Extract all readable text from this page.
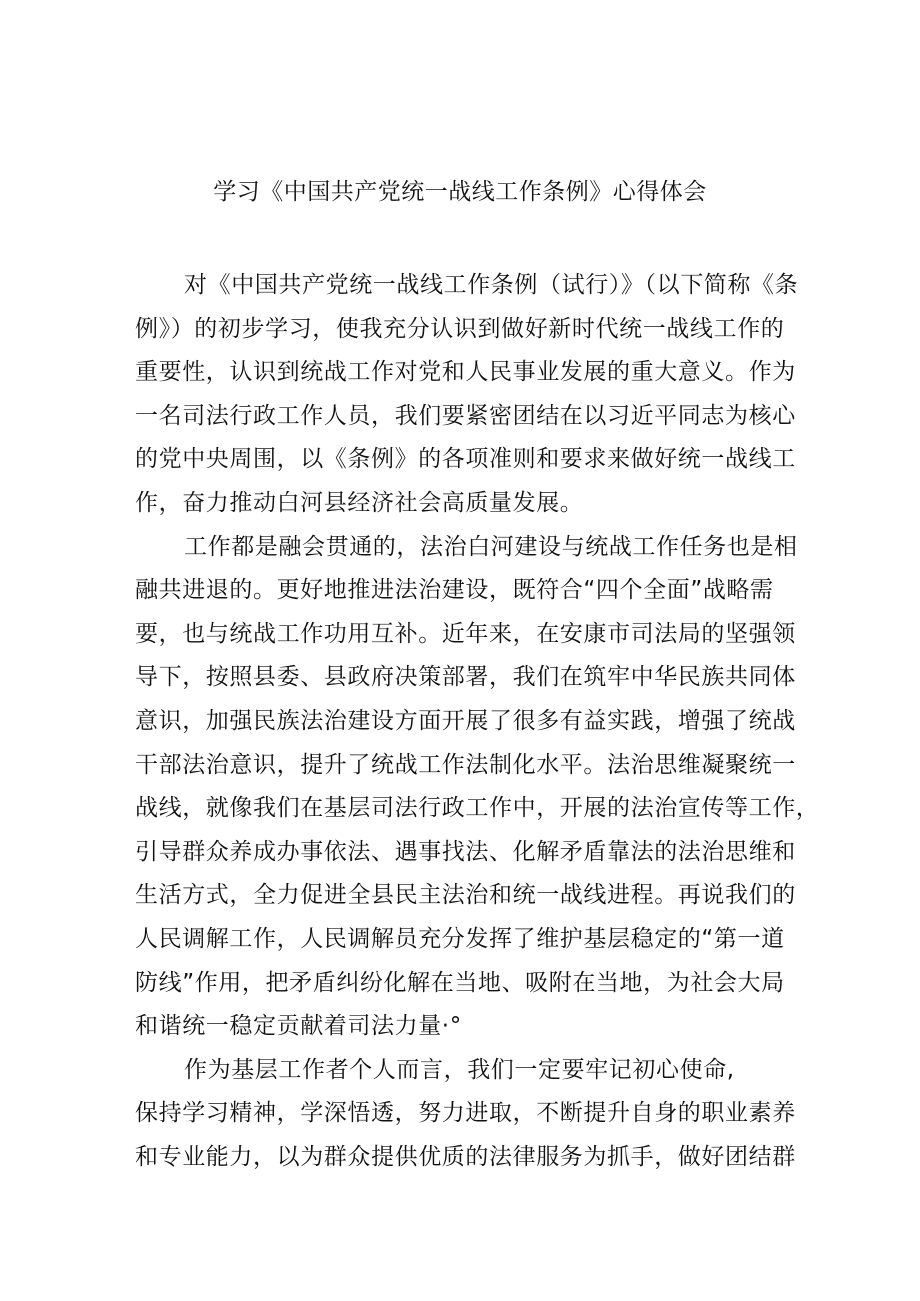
学习《中国共产党统一战线工作条例》心得体会
对《中国共产党统一战线工作条例（试行）》（以下简称《条
例》）的初步学习，使我充分认识到做好新时代统一战线工作的
重要性，认识到统战工作对党和人民事业发展的重大意义。作为
一名司法行政工作人员，我们要紧密团结在以习近平同志为核心
的党中央周围，以《条例》的各项准则和要求来做好统一战线工
作，奋力推动白河县经济社会高质量发展。
工作都是融会贯通的，法治白河建设与统战工作任务也是相
融共进退的。更好地推进法治建设，既符合“四个全面”战略需
要，也与统战工作功用互补。近年来，在安康市司法局的坚强领
导下，按照县委、县政府决策部署，我们在筑牢中华民族共同体
意识，加强民族法治建设方面开展了很多有益实践，增强了统战
干部法治意识，提升了统战工作法制化水平。法治思维凝聚统一
战线，就像我们在基层司法行政工作中，开展的法治宣传等工作，
引导群众养成办事依法、遇事找法、化解矛盾靠法的法治思维和
生活方式，全力促进全县民主法治和统一战线进程。再说我们的
人民调解工作，人民调解员充分发挥了维护基层稳定的“第一道
防线”作用，把矛盾纠纷化解在当地、吸附在当地，为社会大局
和谐统一稳定贡献着司法力量·°
作为基层工作者个人而言，我们一定要牢记初心使命,
保持学习精神，学深悟透，努力进取，不断提升自身的职业素养
和专业能力，以为群众提供优质的法律服务为抓手，做好团结群
